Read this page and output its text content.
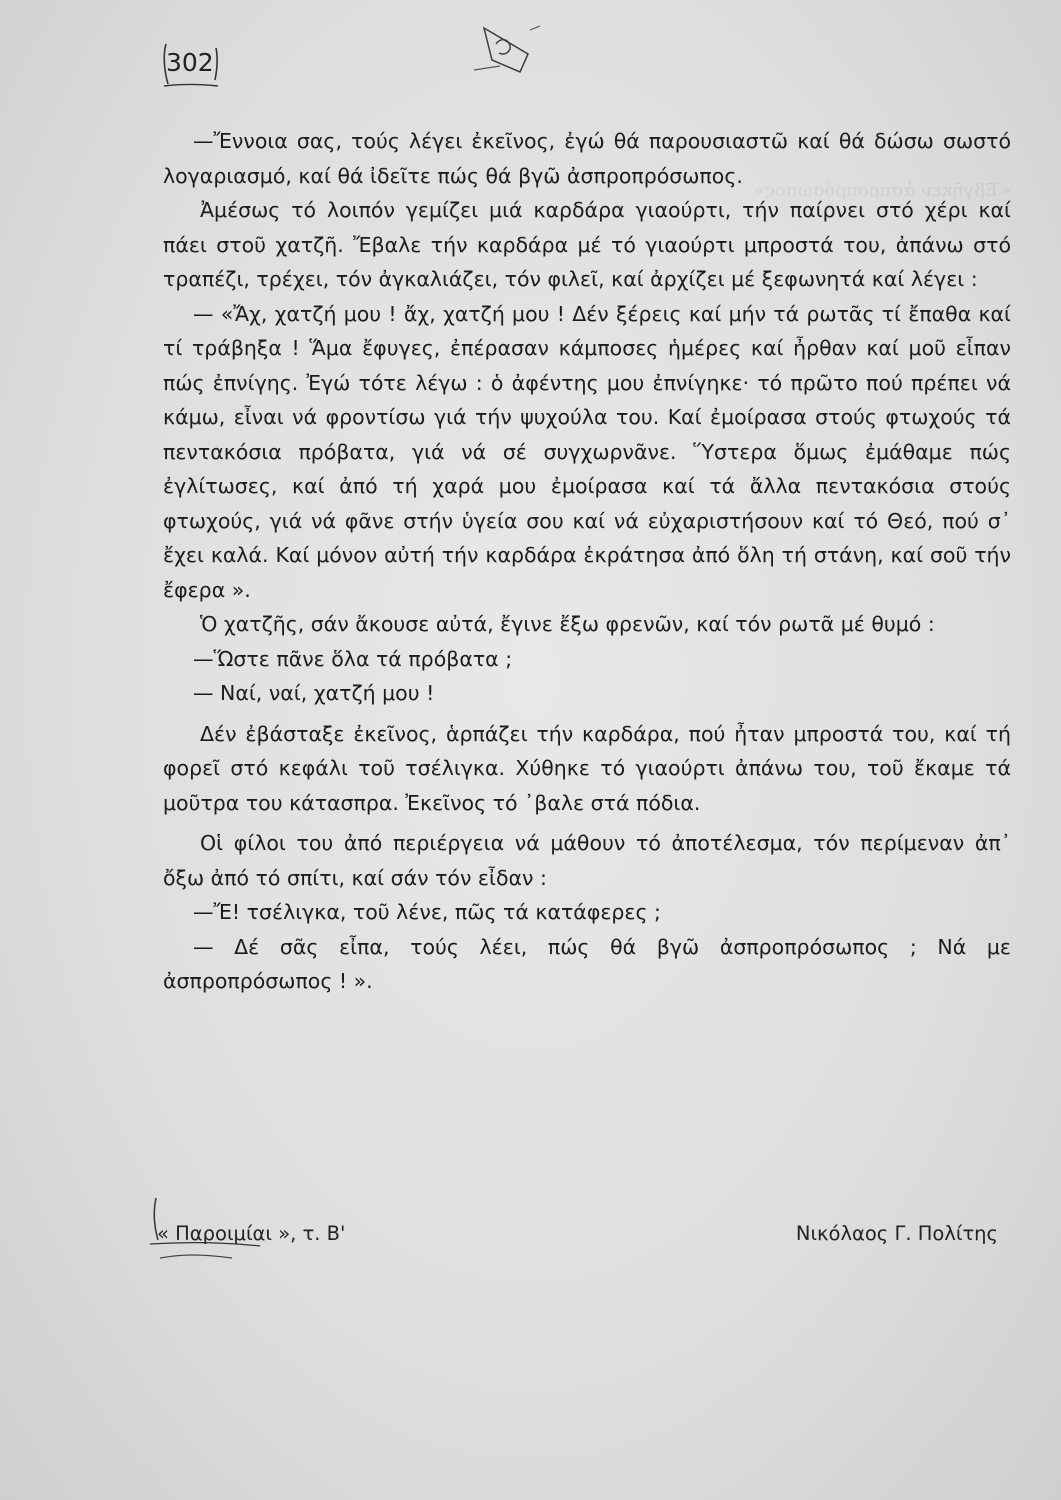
«Ἐβγῆκεν ἀσπροπρόσωπος»
302

—Ἔννοια σας, τούς λέγει ἐκεῖνος, ἐγώ θά παρουσιαστῶ καί θά δώσω σωστό λογαριασμό, καί θά ἰδεῖτε πώς θά βγῶ ἀσπροπρόσωπος.

Ἀμέσως τό λοιπόν γεμίζει μιά καρδάρα γιαούρτι, τήν παίρνει στό χέρι καί πάει στοῦ χατζῆ. Ἔβαλε τήν καρδάρα μέ τό γιαούρτι μπροστά του, ἀπάνω στό τραπέζι, τρέχει, τόν ἀγκαλιάζει, τόν φιλεῖ, καί ἀρχίζει μέ ξεφωνητά καί λέγει :

— «Ἄχ, χατζή μου ! ἄχ, χατζή μου ! Δέν ξέρεις καί μήν τά ρωτᾶς τί ἔπαθα καί τί τράβηξα ! Ἅμα ἔφυγες, ἐπέρασαν κάμποσες ἡμέρες καί ἦρθαν καί μοῦ εἶπαν πώς ἐπνίγης. Ἐγώ τότε λέγω : ὁ ἀφέντης μου ἐπνίγηκε· τό πρῶτο πού πρέπει νά κάμω, εἶναι νά φροντίσω γιά τήν ψυχούλα του. Καί ἐμοίρασα στούς φτωχούς τά πεντακόσια πρόβατα, γιά νά σέ συγχωρνᾶνε. Ὕστερα ὅμως ἐμάθαμε πώς ἐγλίτωσες, καί ἀπό τή χαρά μου ἐμοίρασα καί τά ἄλλα πεντακόσια στούς φτωχούς, γιά νά φᾶνε στήν ὑγεία σου καί νά εὐχαριστήσουν καί τό Θεό, πού σ᾽ ἔχει καλά. Καί μόνον αὐτή τήν καρδάρα ἐκράτησα ἀπό ὅλη τή στάνη, καί σοῦ τήν ἔφερα ».

Ὁ χατζῆς, σάν ἄκουσε αὐτά, ἔγινε ἔξω φρενῶν, καί τόν ρωτᾶ μέ θυμό :

—Ὥστε πᾶνε ὅλα τά πρόβατα ;

— Ναί, ναί, χατζή μου !

Δέν ἐβάσταξε ἐκεῖνος, ἁρπάζει τήν καρδάρα, πού ἦταν μπροστά του, καί τή φορεῖ στό κεφάλι τοῦ τσέλιγκα. Χύθηκε τό γιαούρτι ἀπάνω του, τοῦ ἔκαμε τά μοῦτρα του κάτασπρα. Ἐκεῖνος τό ᾽βαλε στά πόδια.

Οἱ φίλοι του ἀπό περιέργεια νά μάθουν τό ἀποτέλεσμα, τόν περίμεναν ἀπ᾽ ὄξω ἀπό τό σπίτι, καί σάν τόν εἶδαν :

—Ἔ! τσέλιγκα, τοῦ λένε, πῶς τά κατάφερες ;

— Δέ σᾶς εἶπα, τούς λέει, πώς θά βγῶ ἀσπροπρόσωπος ; Νά με ἀσπροπρόσωπος ! ».

« Παροιμίαι », τ. Β'	Νικόλαος Γ. Πολίτης
